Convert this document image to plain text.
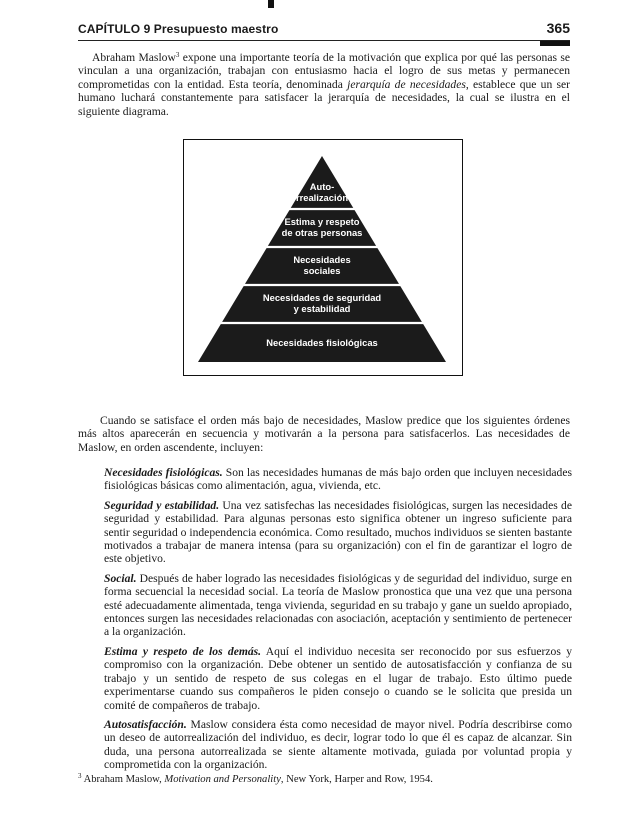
CAPÍTULO 9 Presupuesto maestro	365

Abraham Maslow$^3$ expone una importante teoría de la motivación que explica por qué las personas se vinculan a una organización, trabajan con entusiasmo hacia el logro de sus metas y permanecen comprometidas con la entidad. Esta teoría, denominada jerarquía de necesidades, establece que un ser humano luchará constantemente para satisfacer la jerarquía de necesidades, la cual se ilustra en el siguiente diagrama.

Auto-
rrealización
Estima y respeto
de otras personas
Necesidades
sociales
Necesidades de seguridad
y estabilidad
Necesidades fisiológicas

Cuando se satisface el orden más bajo de necesidades, Maslow predice que los siguientes órdenes más altos aparecerán en secuencia y motivarán a la persona para satisfacerlos. Las necesidades de Maslow, en orden ascendente, incluyen:

Necesidades fisiológicas. Son las necesidades humanas de más bajo orden que incluyen necesidades fisiológicas básicas como alimentación, agua, vivienda, etc.

Seguridad y estabilidad. Una vez satisfechas las necesidades fisiológicas, surgen las necesidades de seguridad y estabilidad. Para algunas personas esto significa obtener un ingreso suficiente para sentir seguridad o independencia económica. Como resultado, muchos individuos se sienten bastante motivados a trabajar de manera intensa (para su organización) con el fin de garantizar el logro de este objetivo.

Social. Después de haber logrado las necesidades fisiológicas y de seguridad del individuo, surge en forma secuencial la necesidad social. La teoría de Maslow pronostica que una vez que una persona esté adecuadamente alimentada, tenga vivienda, seguridad en su trabajo y gane un sueldo apropiado, entonces surgen las necesidades relacionadas con asociación, aceptación y sentimiento de pertenecer a la organización.

Estima y respeto de los demás. Aquí el individuo necesita ser reconocido por sus esfuerzos y compromiso con la organización. Debe obtener un sentido de autosatisfacción y confianza de su trabajo y un sentido de respeto de sus colegas en el lugar de trabajo. Esto último puede experimentarse cuando sus compañeros le piden consejo o cuando se le solicita que presida un comité de compañeros de trabajo.

Autosatisfacción. Maslow considera ésta como necesidad de mayor nivel. Podría describirse como un deseo de autorrealización del individuo, es decir, lograr todo lo que él es capaz de alcanzar. Sin duda, una persona autorrealizada se siente altamente motivada, guiada por voluntad propia y comprometida con la organización.

$^3$ Abraham Maslow, Motivation and Personality, New York, Harper and Row, 1954.
